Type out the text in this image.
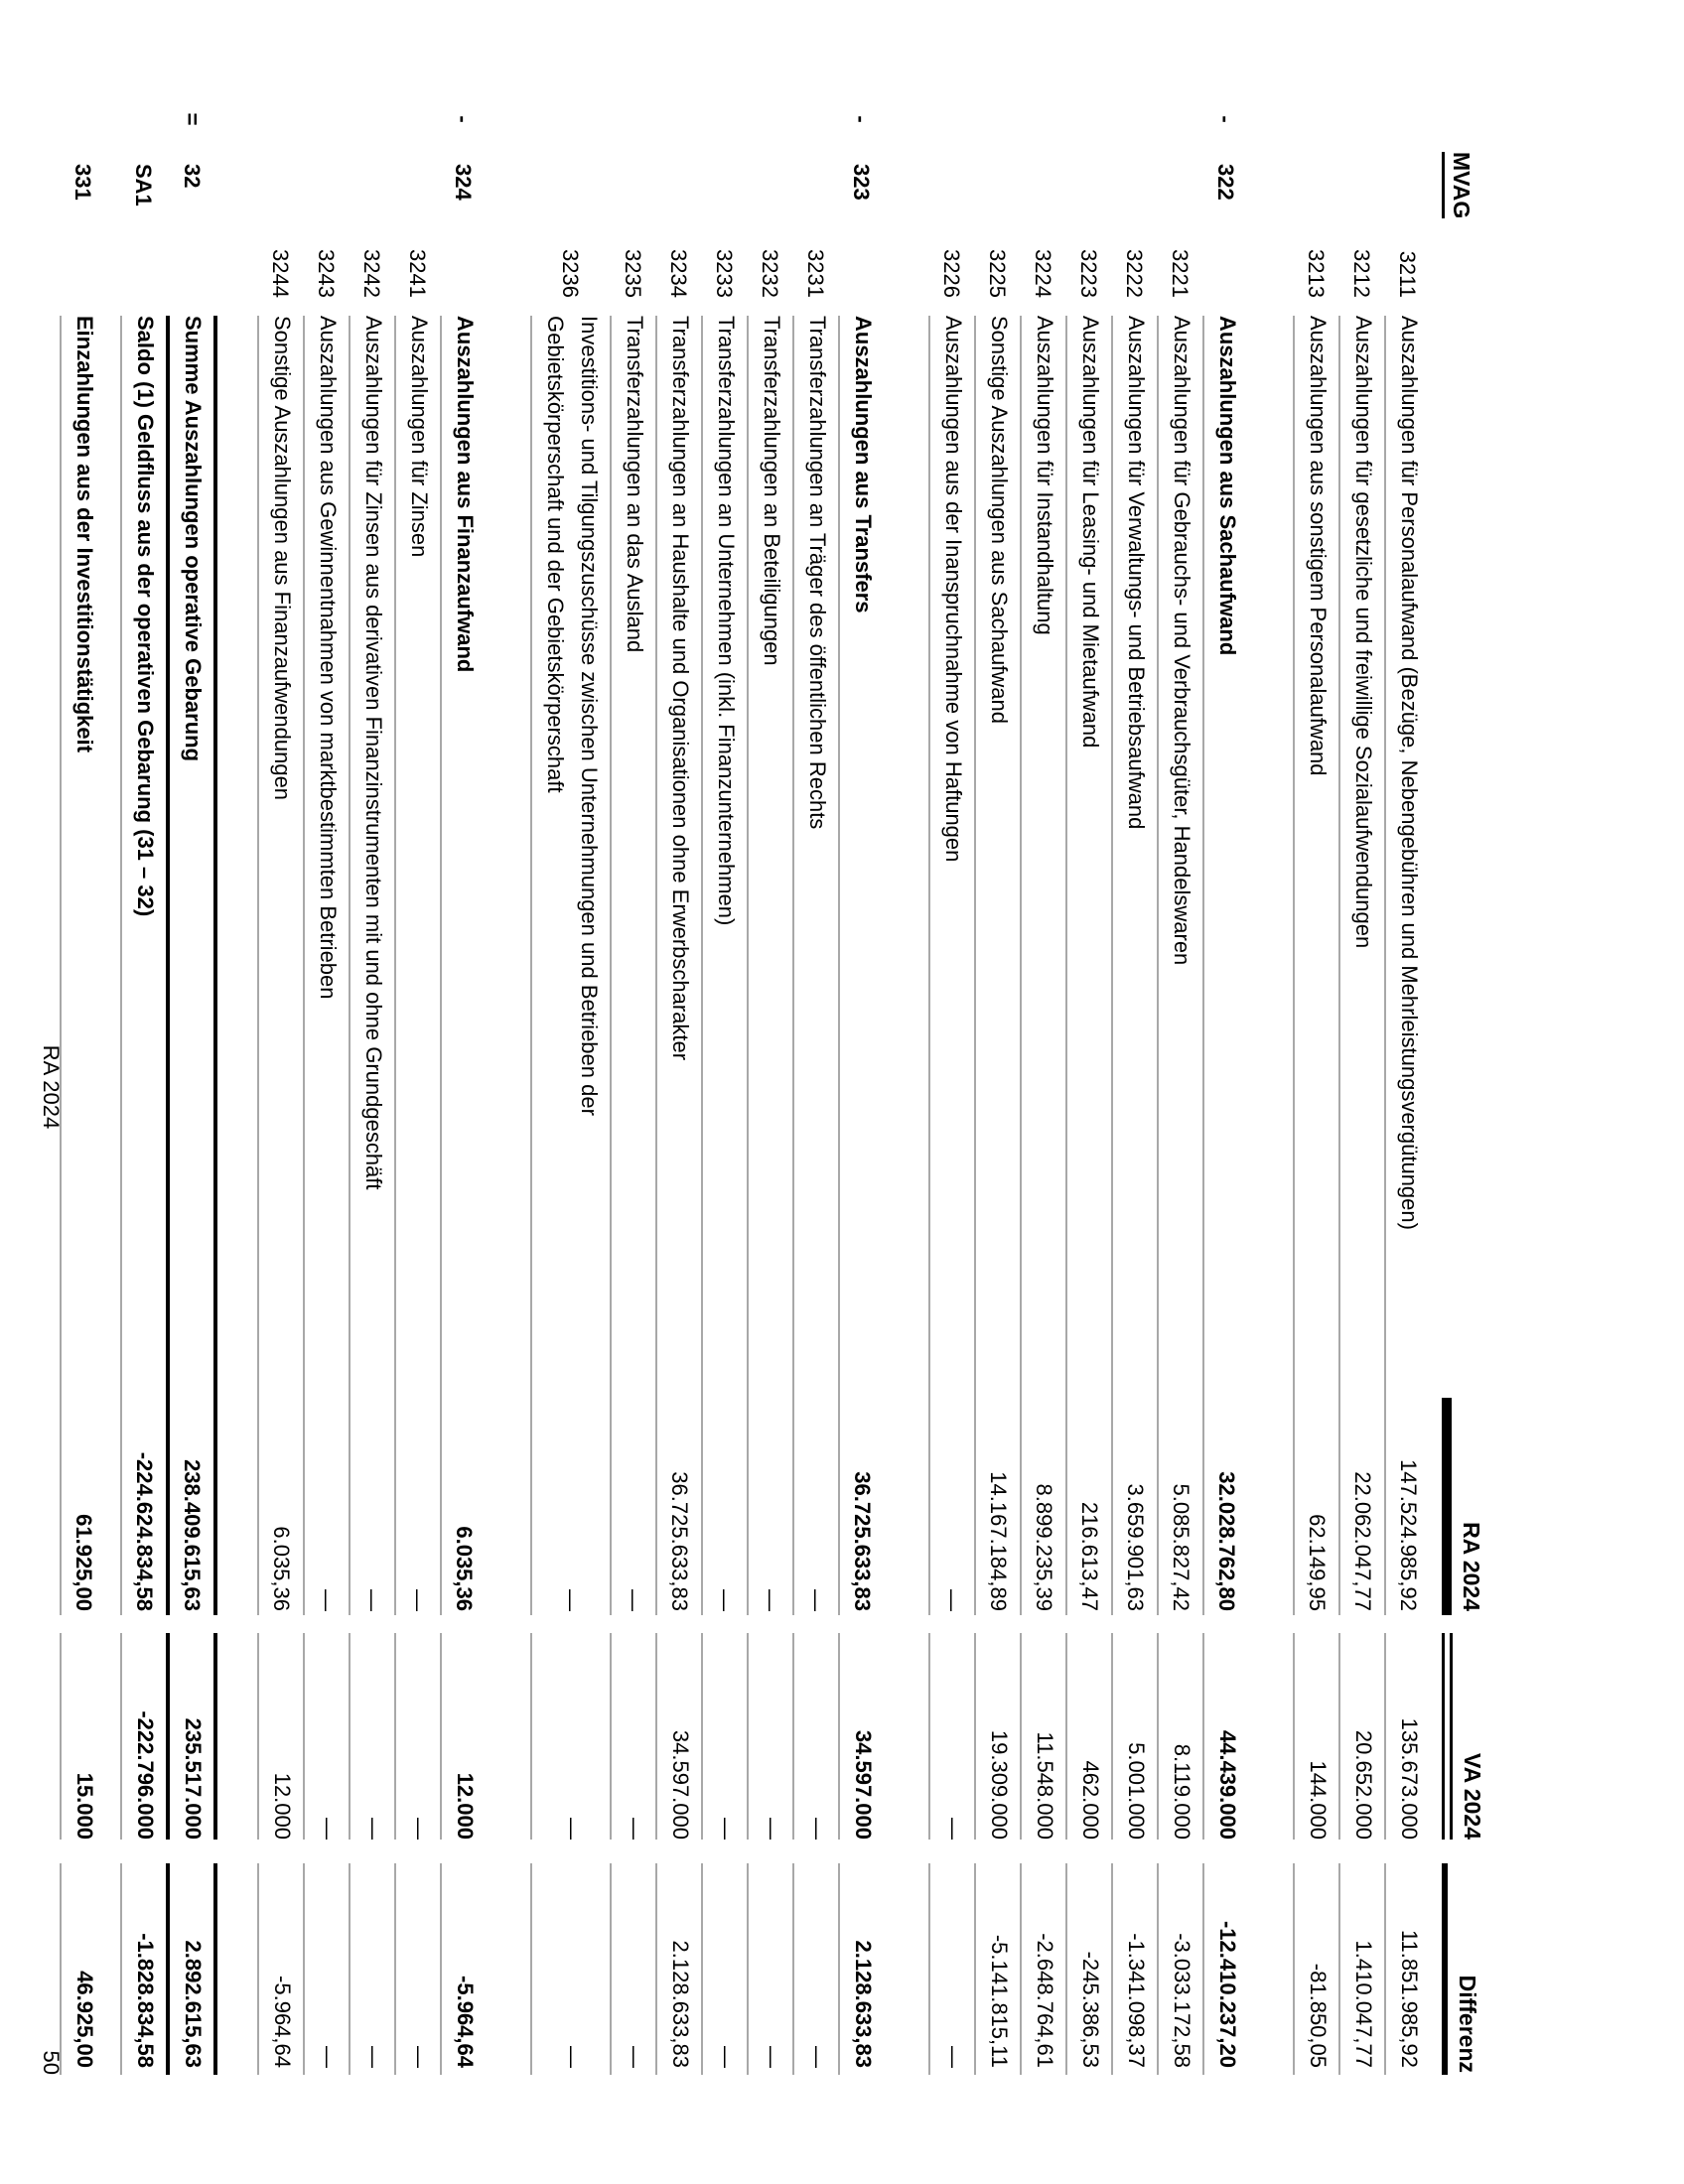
MVAG
RA 2024
VA 2024
Differenz
3211
Auszahlungen für Personalaufwand (Bezüge, Nebengebühren und Mehrleistungsvergütungen)
147.524.985,92
135.673.000
11.851.985,92
3212
Auszahlungen für gesetzliche und freiwillige Sozialaufwendungen
22.062.047,77
20.652.000
1.410.047,77
3213
Auszahlungen aus sonstigem Personalaufwand
62.149,95
144.000
-81.850,05
-
322
Auszahlungen aus Sachaufwand
32.028.762,80
44.439.000
-12.410.237,20
3221
Auszahlungen für Gebrauchs- und Verbrauchsgüter, Handelswaren
5.085.827,42
8.119.000
-3.033.172,58
3222
Auszahlungen für Verwaltungs- und Betriebsaufwand
3.659.901,63
5.001.000
-1.341.098,37
3223
Auszahlungen für Leasing- und Mietaufwand
216.613,47
462.000
-245.386,53
3224
Auszahlungen für Instandhaltung
8.899.235,39
11.548.000
-2.648.764,61
3225
Sonstige Auszahlungen aus Sachaufwand
14.167.184,89
19.309.000
-5.141.815,11
3226
Auszahlungen aus der Inanspruchnahme von Haftungen
—
—
—
-
323
Auszahlungen aus Transfers
36.725.633,83
34.597.000
2.128.633,83
3231
Transferzahlungen an Träger des öffentlichen Rechts
—
—
—
3232
Transferzahlungen an Beteiligungen
—
—
—
3233
Transferzahlungen an Unternehmen (inkl. Finanzunternehmen)
—
—
—
3234
Transferzahlungen an Haushalte und Organisationen ohne Erwerbscharakter
36.725.633,83
34.597.000
2.128.633,83
3235
Transferzahlungen an das Ausland
—
—
—
3236
Investitions- und Tilgungszuschüsse zwischen Unternehmungen und Betrieben der Gebietskörperschaft und der Gebietskörperschaft
—
—
—
-
324
Auszahlungen aus Finanzaufwand
6.035,36
12.000
-5.964,64
3241
Auszahlungen für Zinsen
—
—
—
3242
Auszahlungen für Zinsen aus derivativen Finanzinstrumenten mit und ohne Grundgeschäft
—
—
—
3243
Auszahlungen aus Gewinnentnahmen von marktbestimmten Betrieben
—
—
—
3244
Sonstige Auszahlungen aus Finanzaufwendungen
6.035,36
12.000
-5.964,64
=
32
Summe Auszahlungen operative Gebarung
238.409.615,63
235.517.000
2.892.615,63
SA1
Saldo (1) Geldfluss aus der operativen Gebarung (31 – 32)
-224.624.834,58
-222.796.000
-1.828.834,58
331
Einzahlungen aus der Investitionstätigkeit
61.925,00
15.000
46.925,00
RA 2024
50
